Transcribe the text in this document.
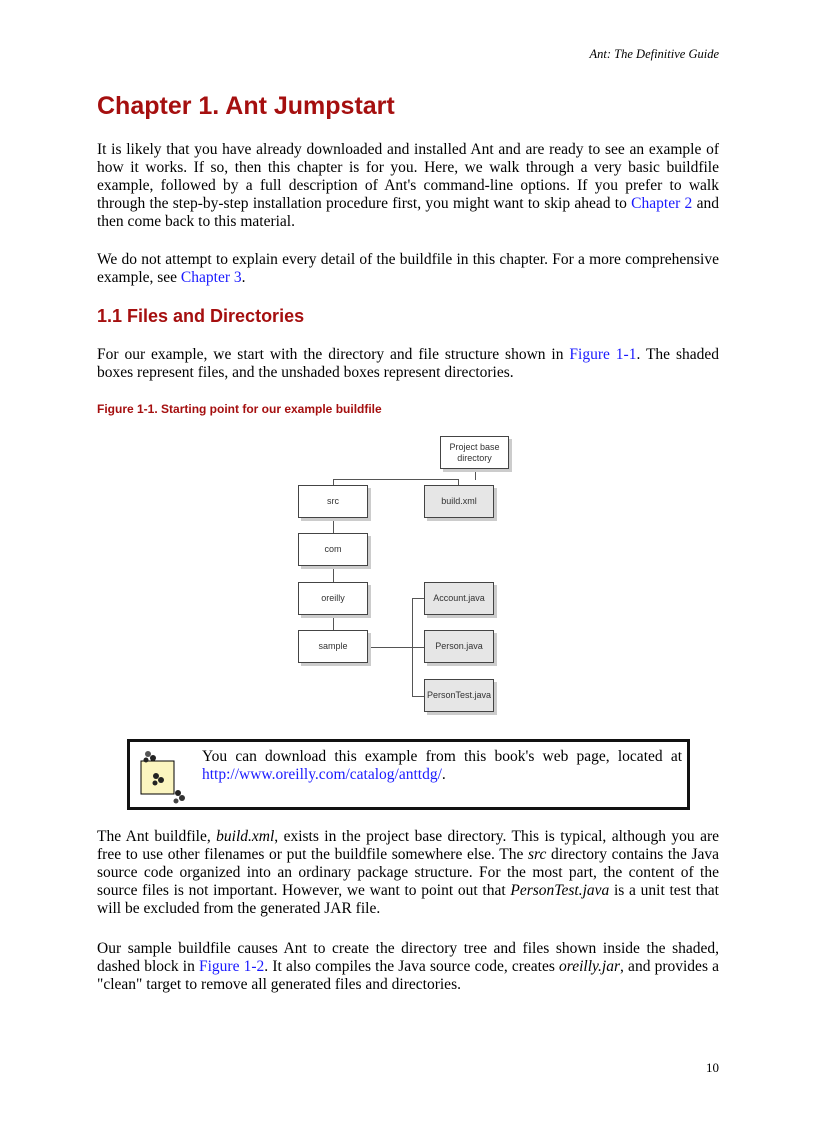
Ant: The Definitive Guide
Chapter 1. Ant Jumpstart

It is likely that you have already downloaded and installed Ant and are ready to see an example of how it works. If so, then this chapter is for you. Here, we walk through a very basic buildfile example, followed by a full description of Ant's command-line options. If you prefer to walk through the step-by-step installation procedure first, you might want to skip ahead to Chapter 2 and then come back to this material.

We do not attempt to explain every detail of the buildfile in this chapter. For a more comprehensive example, see Chapter 3.

1.1 Files and Directories

For our example, we start with the directory and file structure shown in Figure 1-1. The shaded boxes represent files, and the unshaded boxes represent directories.

Figure 1-1. Starting point for our example buildfile
Project base directory
src	build.xml
com
oreilly
sample
Account.java
Person.java
PersonTest.java
You can download this example from this book's web page, located at http://www.oreilly.com/catalog/anttdg/.

The Ant buildfile, build.xml, exists in the project base directory. This is typical, although you are free to use other filenames or put the buildfile somewhere else. The src directory contains the Java source code organized into an ordinary package structure. For the most part, the content of the source files is not important. However, we want to point out that PersonTest.java is a unit test that will be excluded from the generated JAR file.

Our sample buildfile causes Ant to create the directory tree and files shown inside the shaded, dashed block in Figure 1-2. It also compiles the Java source code, creates oreilly.jar, and provides a "clean" target to remove all generated files and directories.

10
